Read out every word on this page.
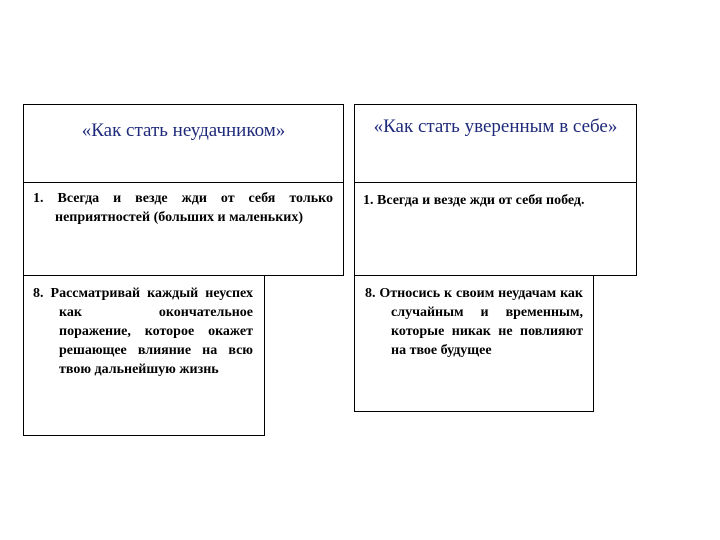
«Как стать неудачником»	«Как стать уверенным в себе»
1. Всегда и везде жди от себя только неприятностей (больших и маленьких)
1. Всегда и везде жди от себя побед.
8. Рассматривай каждый неуспех как окончательное поражение, которое окажет решающее влияние на всю твою дальнейшую жизнь
8. Относись к своим неудачам как случайным и временным, которые никак не повлияют на твое будущее
